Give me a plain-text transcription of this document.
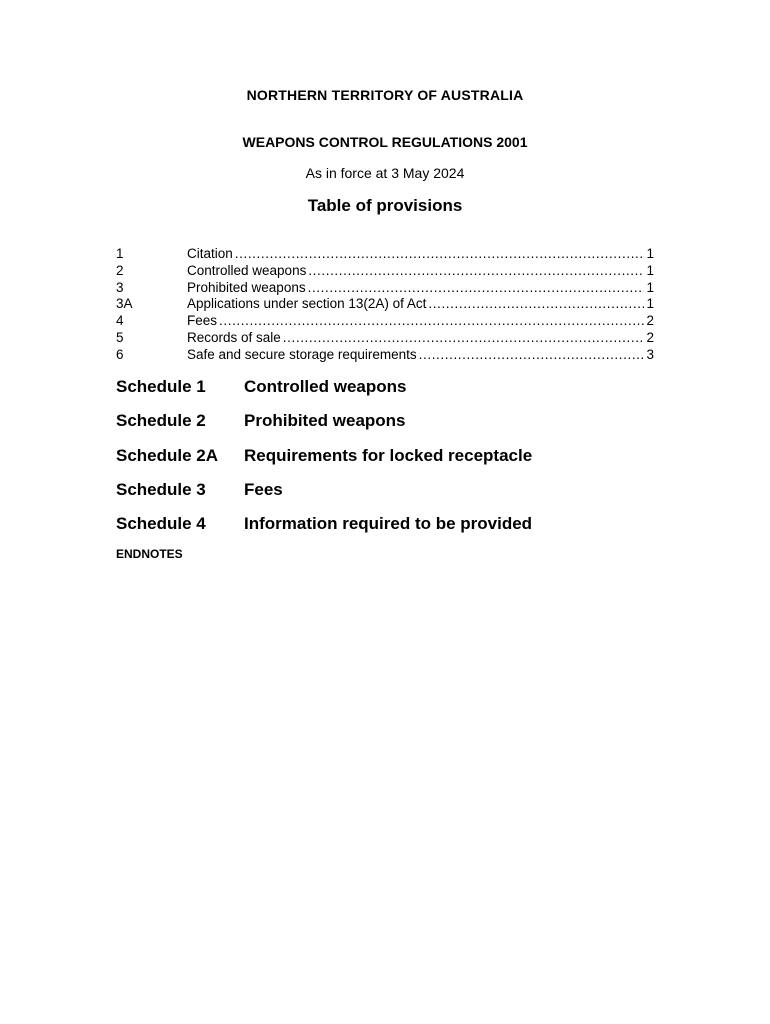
NORTHERN TERRITORY OF AUSTRALIA
WEAPONS CONTROL REGULATIONS 2001
As in force at 3 May 2024
Table of provisions
1	Citation .....	1
2	Controlled weapons .....	1
3	Prohibited weapons .....	1
3A	Applications under section 13(2A) of Act .....	1
4	Fees .....	2
5	Records of sale .....	2
6	Safe and secure storage requirements .....	3
Schedule 1	Controlled weapons
Schedule 2	Prohibited weapons
Schedule 2A	Requirements for locked receptacle
Schedule 3	Fees
Schedule 4	Information required to be provided
ENDNOTES
